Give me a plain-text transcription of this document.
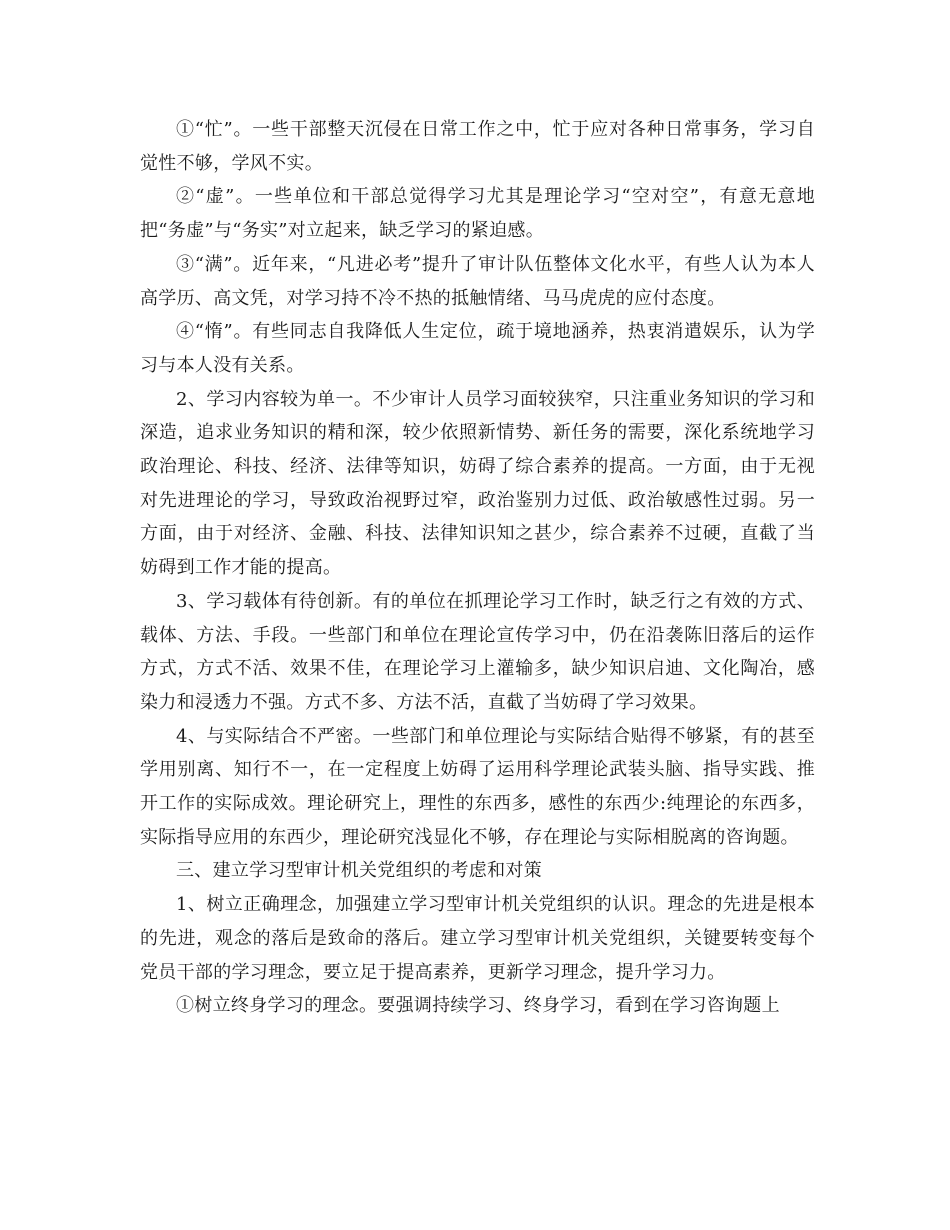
①“忙”。一些干部整天沉侵在日常工作之中，忙于应对各种日常事务，学习自觉性不够，学风不实。

②“虚”。一些单位和干部总觉得学习尤其是理论学习“空对空”，有意无意地把“务虚”与“务实”对立起来，缺乏学习的紧迫感。

③“满”。近年来，“凡进必考”提升了审计队伍整体文化水平，有些人认为本人高学历、高文凭，对学习持不冷不热的抵触情绪、马马虎虎的应付态度。

④“惰”。有些同志自我降低人生定位，疏于境地涵养，热衷消遣娱乐，认为学习与本人没有关系。

2、学习内容较为单一。不少审计人员学习面较狭窄，只注重业务知识的学习和深造，追求业务知识的精和深，较少依照新情势、新任务的需要，深化系统地学习政治理论、科技、经济、法律等知识，妨碍了综合素养的提高。一方面，由于无视对先进理论的学习，导致政治视野过窄，政治鉴别力过低、政治敏感性过弱。另一方面，由于对经济、金融、科技、法律知识知之甚少，综合素养不过硬，直截了当妨碍到工作才能的提高。

3、学习载体有待创新。有的单位在抓理论学习工作时，缺乏行之有效的方式、载体、方法、手段。一些部门和单位在理论宣传学习中，仍在沿袭陈旧落后的运作方式，方式不活、效果不佳，在理论学习上灌输多，缺少知识启迪、文化陶冶，感染力和浸透力不强。方式不多、方法不活，直截了当妨碍了学习效果。

4、与实际结合不严密。一些部门和单位理论与实际结合贴得不够紧，有的甚至学用别离、知行不一，在一定程度上妨碍了运用科学理论武装头脑、指导实践、推开工作的实际成效。理论研究上，理性的东西多，感性的东西少:纯理论的东西多，实际指导应用的东西少，理论研究浅显化不够，存在理论与实际相脱离的咨询题。

三、建立学习型审计机关党组织的考虑和对策

1、树立正确理念，加强建立学习型审计机关党组织的认识。理念的先进是根本的先进，观念的落后是致命的落后。建立学习型审计机关党组织，关键要转变每个党员干部的学习理念，要立足于提高素养，更新学习理念，提升学习力。

①树立终身学习的理念。要强调持续学习、终身学习，看到在学习咨询题上
